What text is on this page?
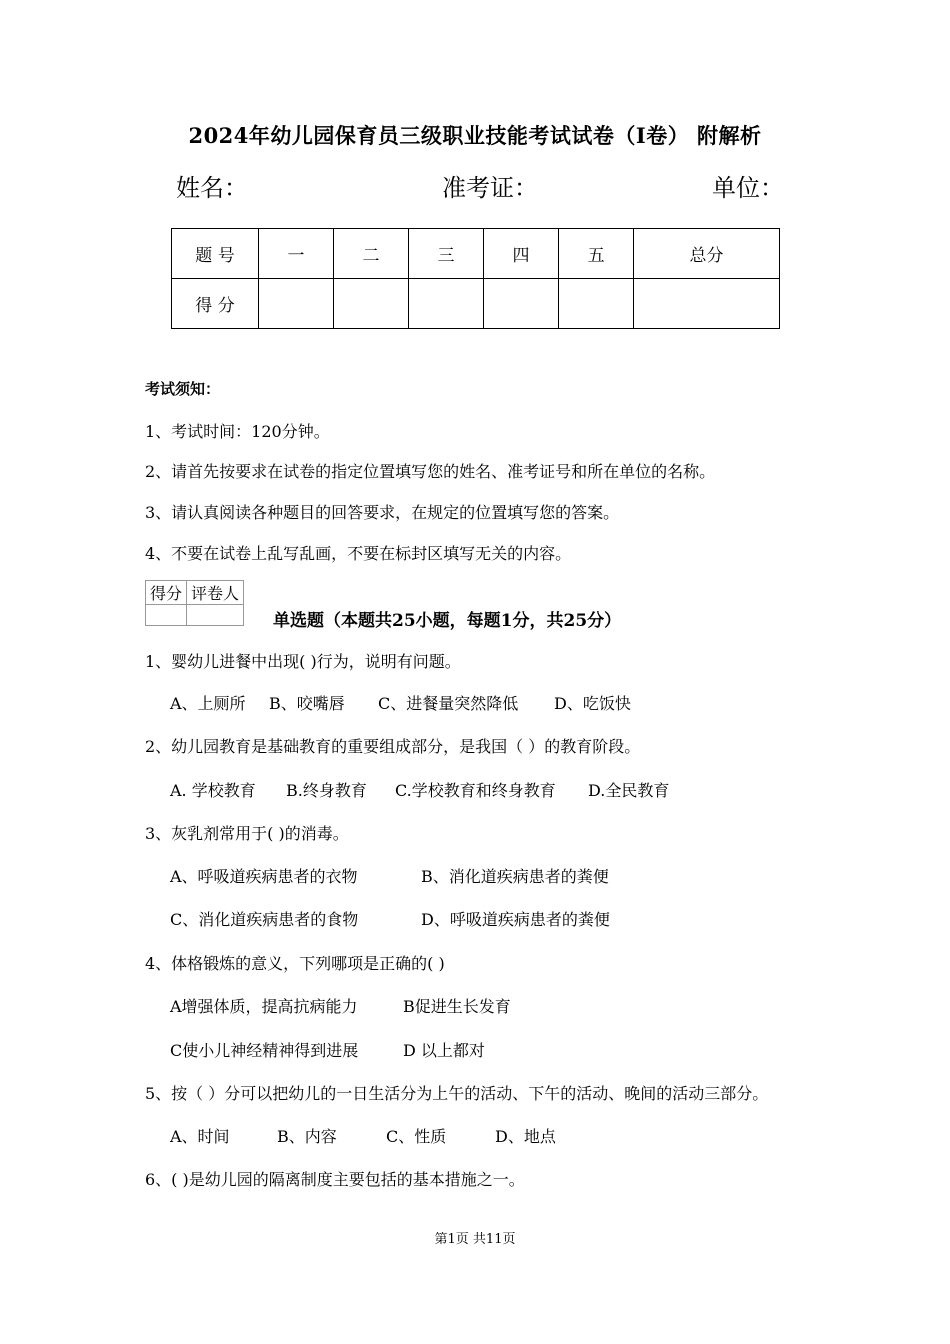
2024年幼儿园保育员三级职业技能考试试卷（I卷） 附解析
姓名：	准考证：	单位：
题 号	一	二	三	四	五	总分
得 分						
考试须知：
1、考试时间：120分钟。
2、请首先按要求在试卷的指定位置填写您的姓名、准考证号和所在单位的名称。
3、请认真阅读各种题目的回答要求，在规定的位置填写您的答案。
4、不要在试卷上乱写乱画，不要在标封区填写无关的内容。
得分	评卷人

单选题（本题共25小题，每题1分，共25分）
1、婴幼儿进餐中出现( )行为，说明有问题。
A、上厕所 B、咬嘴唇 C、进餐量突然降低 D、吃饭快
2、幼儿园教育是基础教育的重要组成部分，是我国（ ）的教育阶段。
A. 学校教育 B.终身教育 C.学校教育和终身教育 D.全民教育
3、灰乳剂常用于( )的消毒。
A、呼吸道疾病患者的衣物	B、消化道疾病患者的粪便
C、消化道疾病患者的食物	D、呼吸道疾病患者的粪便
4、体格锻炼的意义，下列哪项是正确的( )
A增强体质，提高抗病能力	B促进生长发育
C使小儿神经精神得到进展	D 以上都对
5、按（ ）分可以把幼儿的一日生活分为上午的活动、下午的活动、晚间的活动三部分。
A、时间	B、内容	C、性质	D、地点
6、( )是幼儿园的隔离制度主要包括的基本措施之一。
第1页 共11页
